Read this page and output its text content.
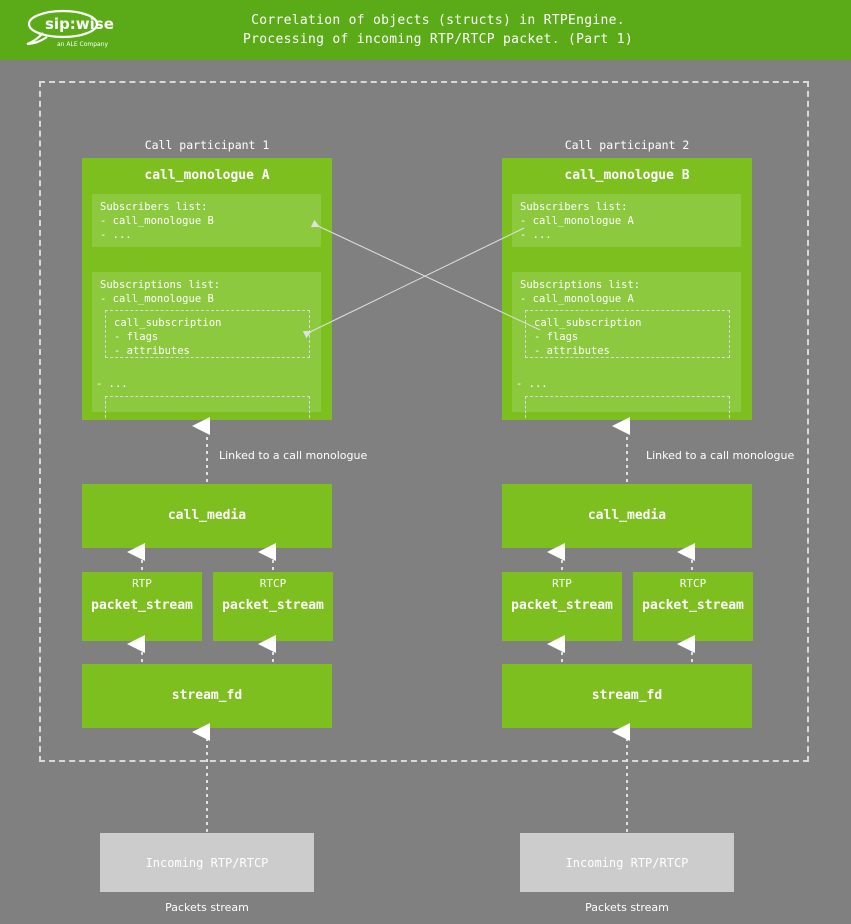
sip:wise
an ALE Company
Correlation of objects (structs) in RTPEngine.
Processing of incoming RTP/RTCP packet. (Part 1)
Call participant 1	Call participant 2
call_monologue A
Subscribers list:
- call_monologue B
- ...
Subscriptions list:
- call_monologue B
call_subscription
- flags
- attributes
- ...
Linked to a call monologue
call_media
RTP
packet_stream
RTCP
packet_stream
stream_fd
Incoming RTP/RTCP
Packets stream
call_monologue B
Subscribers list:
- call_monologue A
- ...
Subscriptions list:
- call_monologue A
call_subscription
- flags
- attributes
- ...
Linked to a call monologue
call_media
RTP
packet_stream
RTCP
packet_stream
stream_fd
Incoming RTP/RTCP
Packets stream
